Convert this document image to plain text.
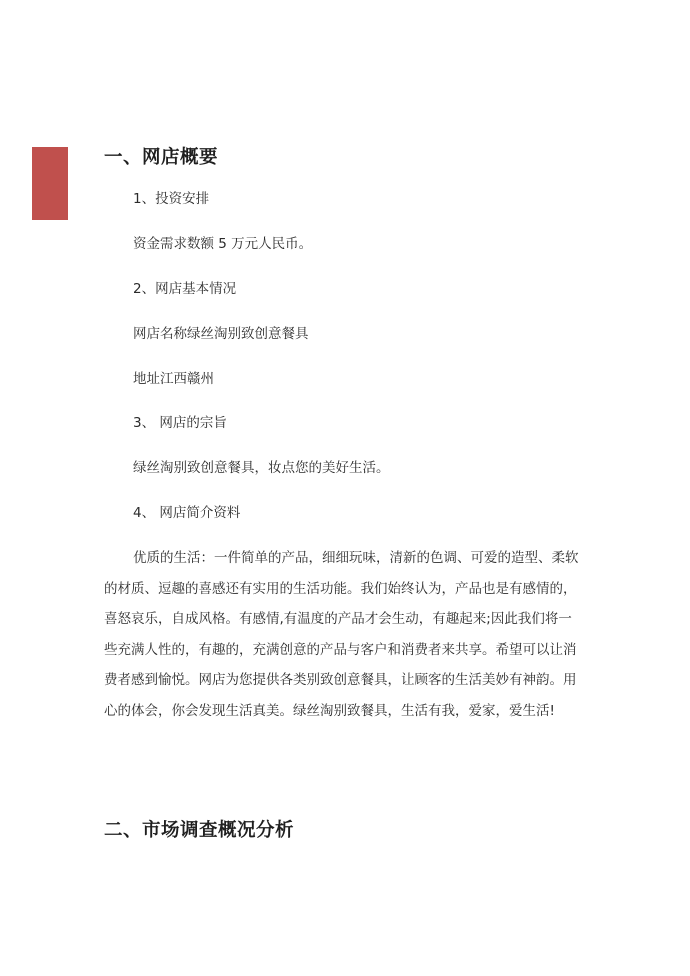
一、网店概要
1、投资安排
资金需求数额 5 万元人民币。
2、网店基本情况
网店名称绿丝淘别致创意餐具
地址江西赣州
3、 网店的宗旨
绿丝淘别致创意餐具，妆点您的美好生活。
4、 网店简介资料
优质的生活：一件简单的产品，细细玩味，清新的色调、可爱的造型、柔软
的材质、逗趣的喜感还有实用的生活功能。我们始终认为，产品也是有感情的，
喜怒哀乐，自成风格。有感情,有温度的产品才会生动，有趣起来;因此我们将一
些充满人性的，有趣的，充满创意的产品与客户和消费者来共享。希望可以让消
费者感到愉悦。网店为您提供各类别致创意餐具，让顾客的生活美妙有神韵。用
心的体会，你会发现生活真美。绿丝淘别致餐具，生活有我，爱家，爱生活!
二、市场调查概况分析
